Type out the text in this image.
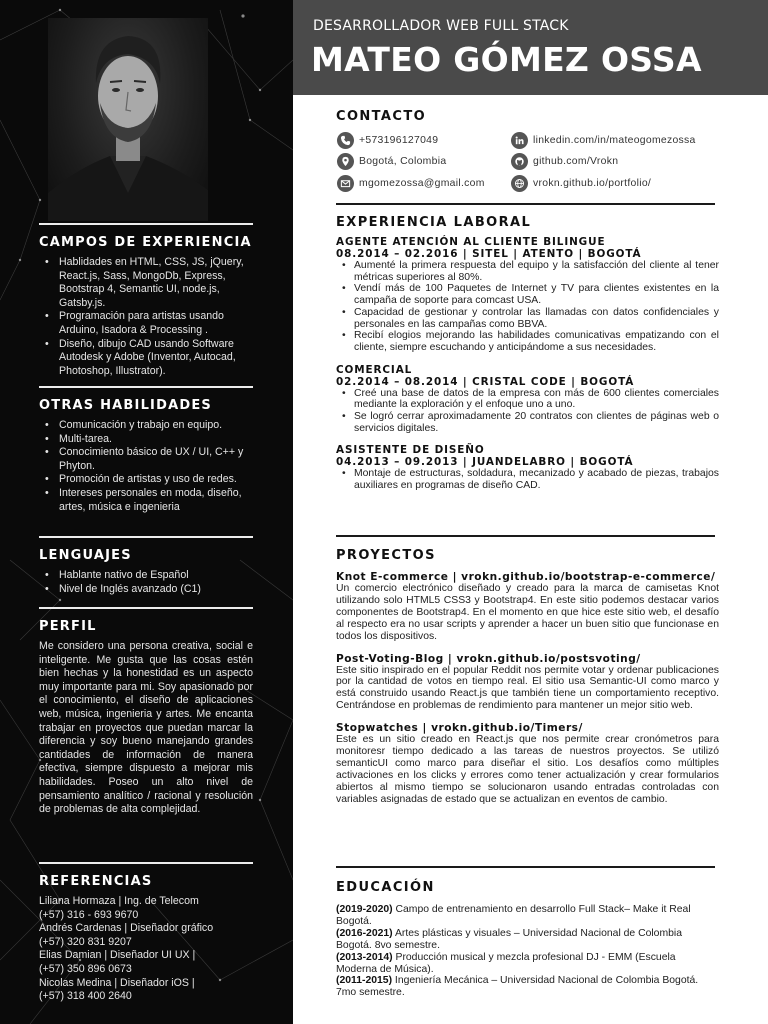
CAMPOS DE EXPERIENCIA
• Hablidades en HTML, CSS, JS, jQuery, React.js, Sass, MongoDb, Express, Bootstrap 4, Semantic UI, node.js, Gatsby.js.
• Programación para artistas usando Arduino, Isadora & Processing .
• Diseño, dibujo CAD usando Software Autodesk y Adobe (Inventor, Autocad, Photoshop, Illustrator).
OTRAS HABILIDADES
• Comunicación y trabajo en equipo.
• Multi-tarea.
• Conocimiento básico de UX / UI, C++ y Phyton.
• Promoción de artistas y uso de redes.
• Intereses personales en moda, diseño, artes, música e ingenieria
LENGUAJES
• Hablante nativo de Español
• Nivel de Inglés avanzado (C1)
PERFIL
Me considero una persona creativa, social e inteligente. Me gusta que las cosas estén bien hechas y la honestidad es un aspecto muy importante para mi. Soy apasionado por el conocimiento, el diseño de aplicaciones web, música, ingenieria y artes. Me encanta trabajar en proyectos que puedan marcar la diferencia y soy bueno manejando grandes cantidades de información de manera efectiva, siempre dispuesto a mejorar mis habilidades. Poseo un alto nivel de pensamiento analítico / racional y resolución de problemas de alta complejidad.
REFERENCIAS
Liliana Hormaza | Ing. de Telecom
(+57) 316 - 693 9670
Andrés Cardenas | Diseñador gráfico
(+57) 320 831 9207
Elias Damian | Diseñador UI UX |
(+57) 350 896 0673
Nicolas Medina | Diseñador iOS |
(+57) 318 400 2640
DESARROLLADOR WEB FULL STACK
MATEO GÓMEZ OSSA
CONTACTO
+573196127049
Bogotá, Colombia
mgomezossa@gmail.com
linkedin.com/in/mateogomezossa
github.com/Vrokn
vrokn.github.io/portfolio/
EXPERIENCIA LABORAL
AGENTE ATENCIÓN AL CLIENTE BILINGUE
08.2014 – 02.2016 | SITEL | ATENTO | BOGOTÁ
• Aumenté la primera respuesta del equipo y la satisfacción del cliente al tener métricas superiores al 80%.
• Vendí más de 100 Paquetes de Internet y TV para clientes existentes en la campaña de soporte para comcast USA.
• Capacidad de gestionar y controlar las llamadas con datos confidenciales y personales en las campañas como BBVA.
• Recibí elogios mejorando las habilidades comunicativas empatizando con el cliente, siempre escuchando y anticipándome a sus necesidades.
COMERCIAL
02.2014 – 08.2014 | CRISTAL CODE | BOGOTÁ
• Creé una base de datos de la empresa con más de 600 clientes comerciales mediante la exploración y el enfoque uno a uno.
• Se logró cerrar aproximadamente 20 contratos con clientes de páginas web o servicios digitales.
ASISTENTE DE DISEÑO
04.2013 – 09.2013 | JUANDELABRO | BOGOTÁ
• Montaje de estructuras, soldadura, mecanizado y acabado de piezas, trabajos auxiliares en programas de diseño CAD.
PROYECTOS
Knot E-commerce | vrokn.github.io/bootstrap-e-commerce/
Un comercio electrónico diseñado y creado para la marca de camisetas Knot utilizando solo HTML5 CSS3 y Bootstrap4. En este sitio podemos destacar varios componentes de Bootstrap4. En el momento en que hice este sitio web, el desafío al respecto era no usar scripts y aprender a hacer un buen sitio que funcionase en todos los dispositivos.
Post-Voting-Blog | vrokn.github.io/postsvoting/
Este sitio inspirado en el popular Reddit nos permite votar y ordenar publicaciones por la cantidad de votos en tiempo real. El sitio usa Semantic-UI como marco y está construido usando React.js que también tiene un comportamiento receptivo. Centrándose en problemas de rendimiento para mantener un mejor sitio web.
Stopwatches | vrokn.github.io/Timers/
Este es un sitio creado en React.js que nos permite crear cronómetros para monitoresr tiempo dedicado a las tareas de nuestros proyectos. Se utilizó semanticUI como marco para diseñar el sitio. Los desafíos como múltiples activaciones en los clicks y errores como tener actualización y crear formularios abiertos al mismo tiempo se solucionaron usando entradas controladas con variables asignadas de estado que se actualizan en eventos de cambio.
EDUCACIÓN
(2019-2020) Campo de entrenamiento en desarrollo Full Stack– Make it Real Bogotá.
(2016-2021) Artes plásticas y visuales – Universidad Nacional de Colombia Bogotá. 8vo semestre.
(2013-2014) Producción musical y mezcla profesional DJ - EMM (Escuela Moderna de Música).
(2011-2015) Ingeniería Mecánica – Universidad Nacional de Colombia Bogotá. 7mo semestre.
